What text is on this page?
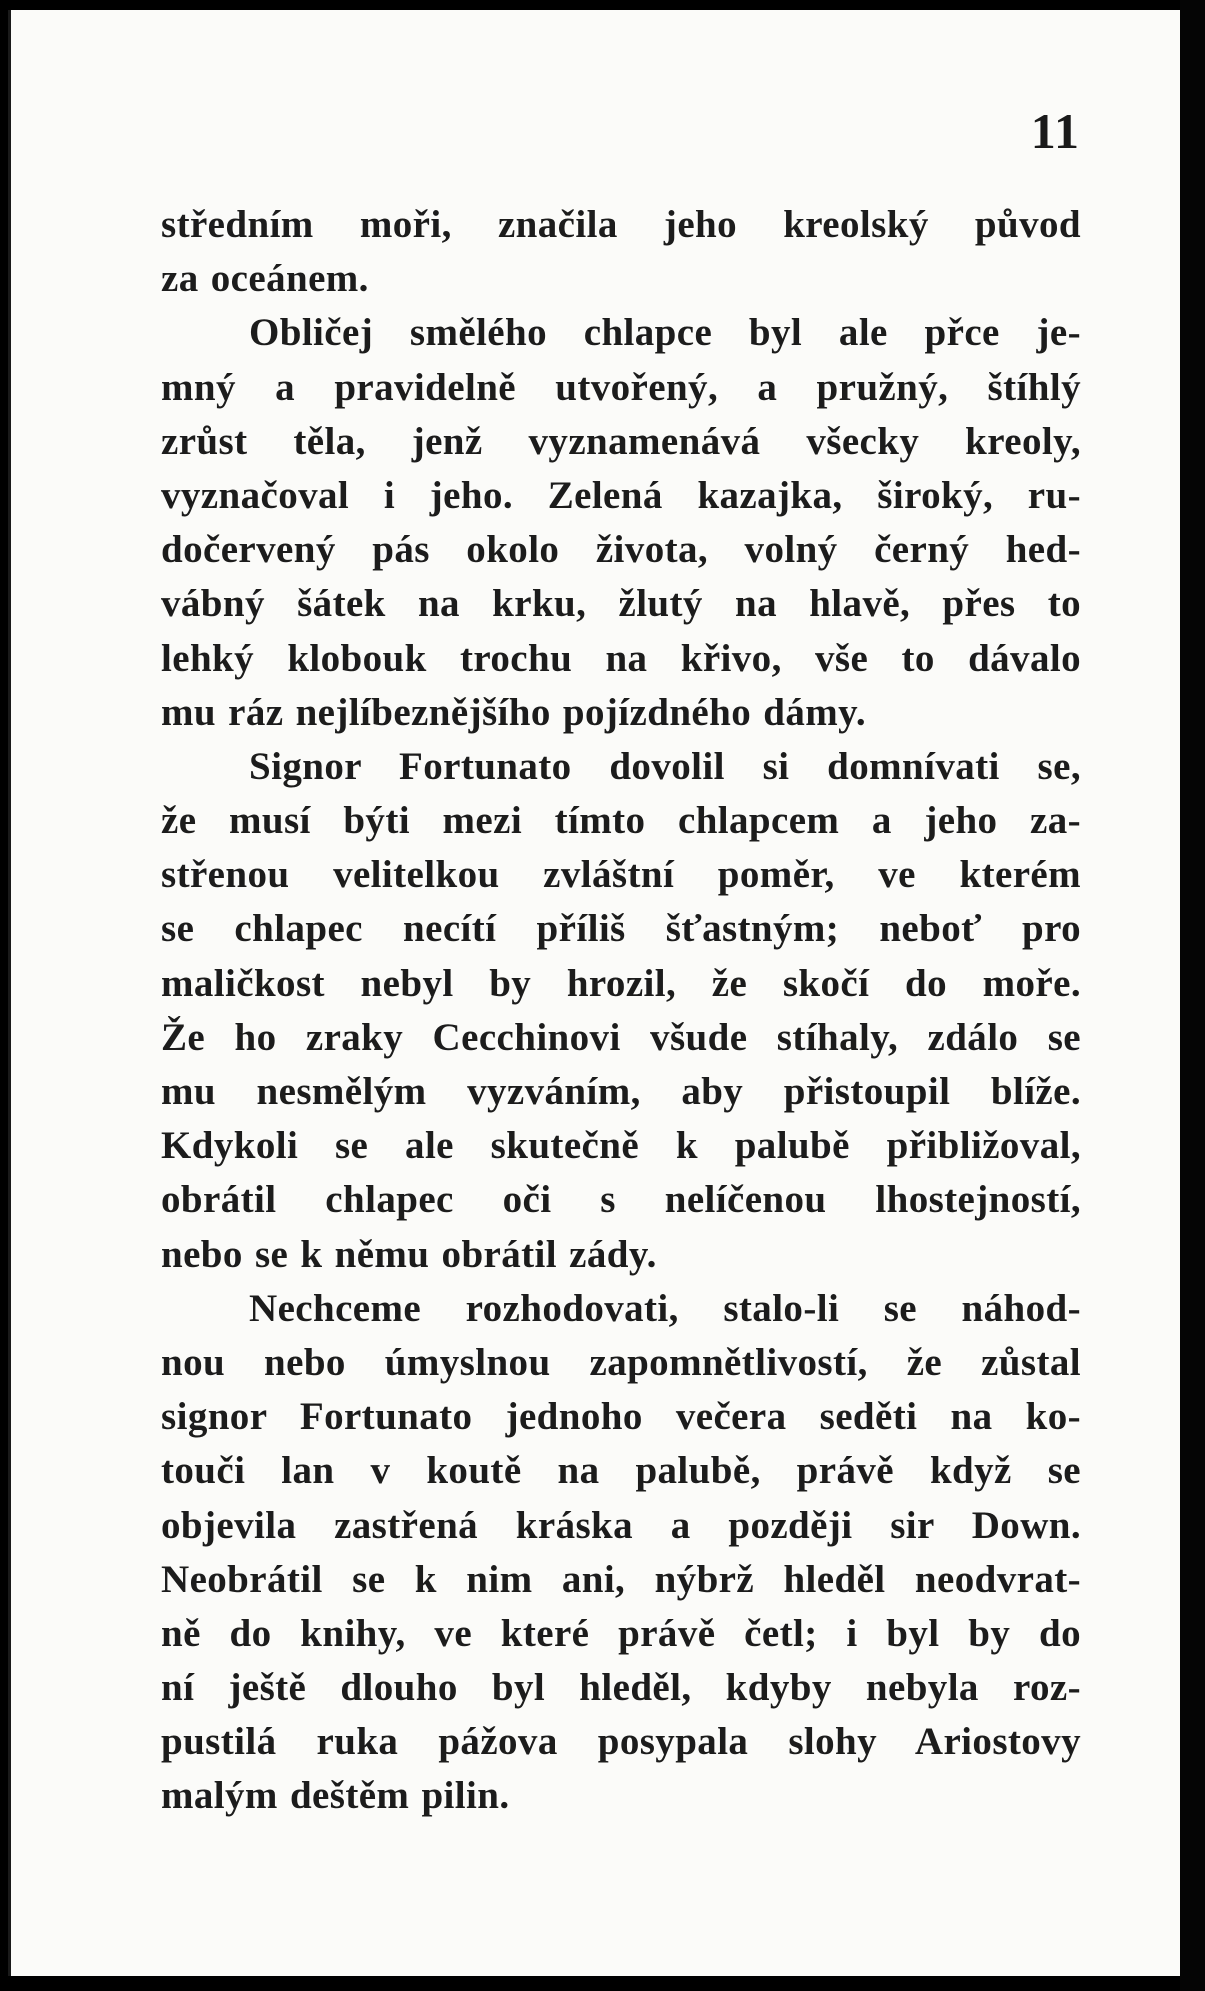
11

středním moři, značila jeho kreolský původ
za oceánem.
Obličej smělého chlapce byl ale přce je-
mný a pravidelně utvořený, a pružný, štíhlý
zrůst těla, jenž vyznamenává všecky kreoly,
vyznačoval i jeho. Zelená kazajka, široký, ru-
dočervený pás okolo života, volný černý hed-
vábný šátek na krku, žlutý na hlavě, přes to
lehký klobouk trochu na křivo, vše to dávalo
mu ráz nejlíbeznějšího pojízdného dámy.
Signor Fortunato dovolil si domnívati se,
že musí býti mezi tímto chlapcem a jeho za-
střenou velitelkou zvláštní poměr, ve kterém
se chlapec necítí příliš šťastným; neboť pro
maličkost nebyl by hrozil, že skočí do moře.
Že ho zraky Cecchinovi všude stíhaly, zdálo se
mu nesmělým vyzváním, aby přistoupil blíže.
Kdykoli se ale skutečně k palubě přibližoval,
obrátil chlapec oči s nelíčenou lhostejností,
nebo se k němu obrátil zády.
Nechceme rozhodovati, stalo-li se náhod-
nou nebo úmyslnou zapomnětlivostí, že zůstal
signor Fortunato jednoho večera seděti na ko-
touči lan v koutě na palubě, právě když se
objevila zastřená kráska a později sir Down.
Neobrátil se k nim ani, nýbrž hleděl neodvrat-
ně do knihy, ve které právě četl; i byl by do
ní ještě dlouho byl hleděl, kdyby nebyla roz-
pustilá ruka pážova posypala slohy Ariostovy
malým deštěm pilin.
